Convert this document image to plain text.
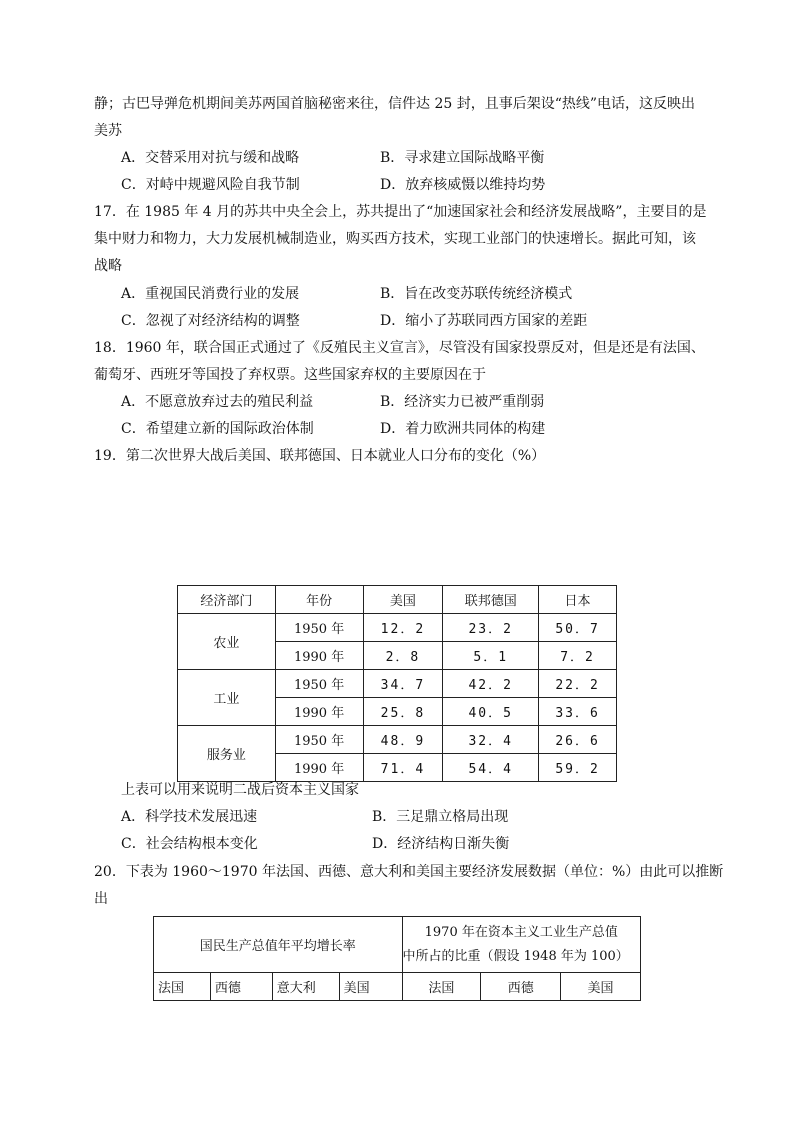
静；古巴导弹危机期间美苏两国首脑秘密来往，信件达 25 封，且事后架设“热线”电话，这反映出
美苏
A．交替采用对抗与缓和战略	B．寻求建立国际战略平衡
C．对峙中规避风险自我节制	D．放弃核威慑以维持均势
17．在 1985 年 4 月的苏共中央全会上，苏共提出了“加速国家社会和经济发展战略”，主要目的是
集中财力和物力，大力发展机械制造业，购买西方技术，实现工业部门的快速增长。据此可知，该
战略
A．重视国民消费行业的发展	B．旨在改变苏联传统经济模式
C．忽视了对经济结构的调整	D．缩小了苏联同西方国家的差距
18．1960 年，联合国正式通过了《反殖民主义宣言》，尽管没有国家投票反对，但是还是有法国、
葡萄牙、西班牙等国投了弃权票。这些国家弃权的主要原因在于
A．不愿意放弃过去的殖民利益	B．经济实力已被严重削弱
C．希望建立新的国际政治体制	D．着力欧洲共同体的构建
19．第二次世界大战后美国、联邦德国、日本就业人口分布的变化（%）
经济部门	年份	美国	联邦德国	日本
农业	1950 年	12．2	23．2	50．7
	1990 年	2．8	5．1	7．2
工业	1950 年	34．7	42．2	22．2
	1990 年	25．8	40．5	33．6
服务业	1950 年	48．9	32．4	26．6
	1990 年	71．4	54．4	59．2
上表可以用来说明二战后资本主义国家
A．科学技术发展迅速	B．三足鼎立格局出现
C．社会结构根本变化	D．经济结构日渐失衡
20．下表为 1960～1970 年法国、西德、意大利和美国主要经济发展数据（单位：%）由此可以推断
出
国民生产总值年平均增长率				1970 年在资本主义工业生产总值
中所占的比重（假设 1948 年为 100）		

法国	西德	意大利	美国	法国	西德	美国
